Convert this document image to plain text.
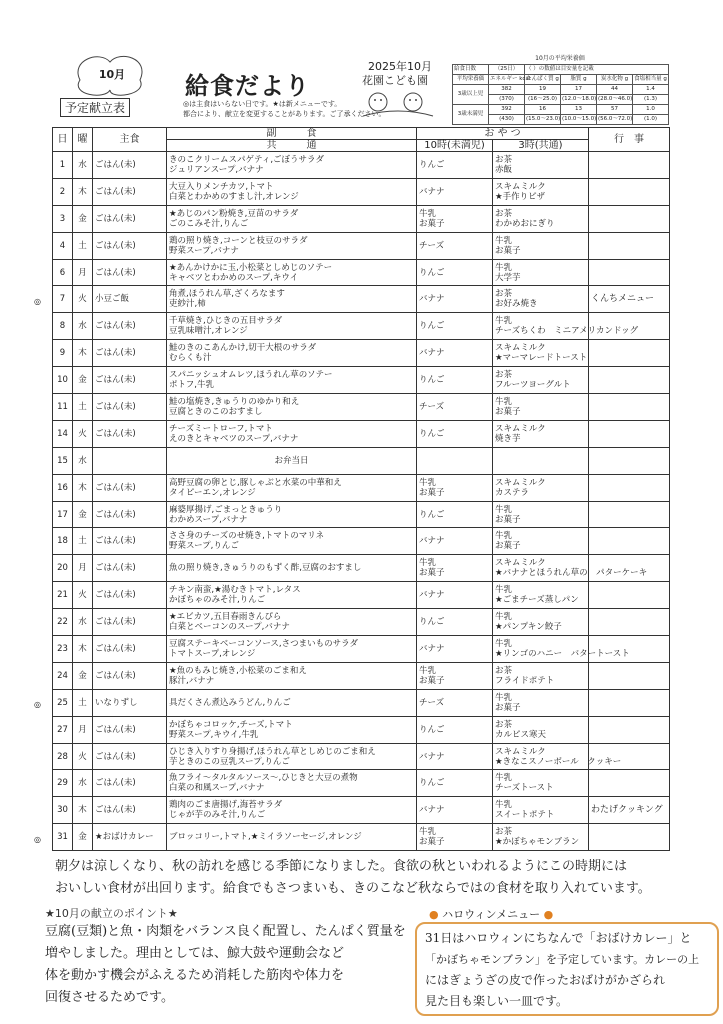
10月
予定献立表
給食だより
◎は主食はいらない日です。★は新メニューです。
都合により、献立を変更することがあります。ご了承ください。
2025年10月
花園こども園
10月の平均栄養価
給食日数	（25日）	（ ）の数値は目安量を記載			
平均栄養価	エネルギー kcal	たんぱく質 g	脂質 g	炭水化物 g	食塩相当量 g
3歳以上児	382	19	17	44	1.4
	(370)	(16〜25.0)	(12.0〜18.0)	(28.0〜46.0)	(1.3)
3歳未満児	392	16	13	57	1.0
	(430)	(15.0〜23.0)	(10.0〜15.0)	(56.0〜72.0)	(1.0)
日	曜	主食	副　　　食	お や つ		行　事
			共　　　通	10時(未満児)	3時(共通)	

1	水	ごはん(未)	きのこクリームスパゲティ,ごぼうサラダ
ジュリアンスープ,バナナ	りんご	お茶
赤飯	

2	木	ごはん(未)	大豆入りメンチカツ,トマト
白菜とわかめのすまし汁,オレンジ	バナナ	スキムミルク
★手作りピザ	

3	金	ごはん(未)	★あじのパン粉焼き,豆苗のサラダ
ごのこみそ汁,りんご	牛乳
お菓子	お茶
わかめおにぎり	

4	土	ごはん(未)	鶏の照り焼き,コーンと枝豆のサラダ
野菜スープ,バナナ	チーズ	牛乳
お菓子	

6	月	ごはん(未)	★あんかけかに玉,小松菜としめじのソテー
キャベツとわかめのスープ,キウイ	りんご	牛乳
大学芋	

7	火	小豆ご飯	角煮,ほうれん草,ざくろなます
吏紗汁,柿	バナナ	お茶
お好み焼き	くんちメニュー

8	水	ごはん(未)	千草焼き,ひじきの五目サラダ
豆乳味噌汁,オレンジ	りんご	牛乳
チーズちくわ　ミニアメリカンドッグ	

9	木	ごはん(未)	鮭のきのこあんかけ,切干大根のサラダ
むらくも汁	バナナ	スキムミルク
★マーマレードトースト	

10	金	ごはん(未)	スパニッシュオムレツ,ほうれん草のソテー
ポトフ,牛乳	りんご	お茶
フルーツヨーグルト	

11	土	ごはん(未)	鮭の塩焼き,きゅうりのゆかり和え
豆腐ときのこのおすまし	チーズ	牛乳
お菓子	

14	火	ごはん(未)	チーズミートローフ,トマト
えのきとキャベツのスープ,バナナ	りんご	スキムミルク
焼き芋	

15	水		お弁当日			

16	木	ごはん(未)	高野豆腐の卵とじ,豚しゃぶと水菜の中華和え
タイピーエン,オレンジ	牛乳
お菓子	スキムミルク
カステラ	

17	金	ごはん(未)	麻婆厚揚げ,ごまっときゅうり
わかめスープ,バナナ	りんご	牛乳
お菓子	

18	土	ごはん(未)	ささ身のチーズのせ焼き,トマトのマリネ
野菜スープ,りんご	バナナ	牛乳
お菓子	

20	月	ごはん(未)	魚の照り焼き,きゅうりのもずく酢,豆腐のおすまし	牛乳
お菓子	スキムミルク
★バナナとほうれん草の　パターケーキ	

21	火	ごはん(未)	チキン南蛮,★湯むきトマト,レタス
かぼちゃのみそ汁,りんご	バナナ	牛乳
★ごまチーズ蒸しパン	

22	水	ごはん(未)	★エビカツ,五目春雨きんぴら
白菜とベーコンのスープ,バナナ	りんご	牛乳
★パンプキン餃子	

23	木	ごはん(未)	豆腐ステーキベーコンソース,さつまいものサラダ
トマトスープ,オレンジ	バナナ	牛乳
★リンゴのハニー　バタートースト	

24	金	ごはん(未)	★魚のもみじ焼き,小松菜のごま和え
豚汁,バナナ	牛乳
お菓子	お茶
フライドポテト	

25	土	いなりずし	具だくさん煮込みうどん,りんご	チーズ	牛乳
お菓子	

27	月	ごはん(未)	かぼちゃコロッケ,チーズ,トマト
野菜スープ,キウイ,牛乳	りんご	お茶
カルピス寒天	

28	火	ごはん(未)	ひじき入りすり身揚げ,ほうれん草としめじのごま和え
芋ときのこの豆乳スープ,りんご	バナナ	スキムミルク
★きなこスノーボール　クッキー	

29	水	ごはん(未)	魚フライ〜タルタルソース〜,ひじきと大豆の煮物
白菜の和風スープ,バナナ	りんご	牛乳
チーズトースト	

30	木	ごはん(未)	鶏肉のごま唐揚げ,海苔サラダ
じゃが芋のみそ汁,りんご	バナナ	牛乳
スイートポテト	わたげクッキング

31	金	★おばけカレー	ブロッコリー,トマト,★ミイラソーセージ,オレンジ	牛乳
お菓子	お茶
★かぼちゃモンブラン	

◎
◎
◎
朝夕は涼しくなり、秋の訪れを感じる季節になりました。食欲の秋といわれるようにこの時期には
おいしい食材が出回ります。給食でもさつまいも、きのこなど秋ならではの食材を取り入れています。
★10月の献立のポイント★
豆腐(豆類)と魚・肉類をバランス良く配置し、たんぱく質量を
増やしました。理由としては、鯨大鼓や運動会など
体を動かす機会がふえるため消耗した筋肉や体力を
回復させるためです。
● ハロウィンメニュー ●
31日はハロウィンにちなんで「おばけカレー」と
「かぼちゃモンブラン」を予定しています。カレーの上
にはぎょうざの皮で作ったおばけがかざられ
見た目も楽しい一皿です。
